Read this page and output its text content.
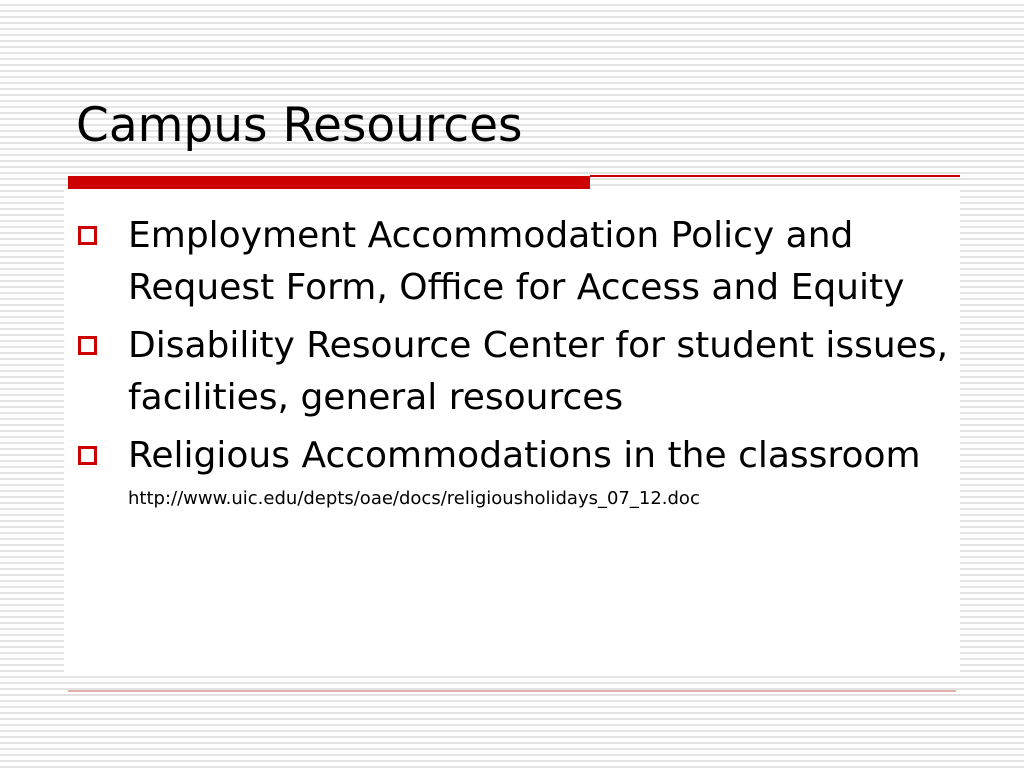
Campus Resources
Employment Accommodation Policy and Request Form, Office for Access and Equity
Disability Resource Center for student issues, facilities, general resources
Religious Accommodations in the classroom
http://www.uic.edu/depts/oae/docs/religiousholidays_07_12.doc
